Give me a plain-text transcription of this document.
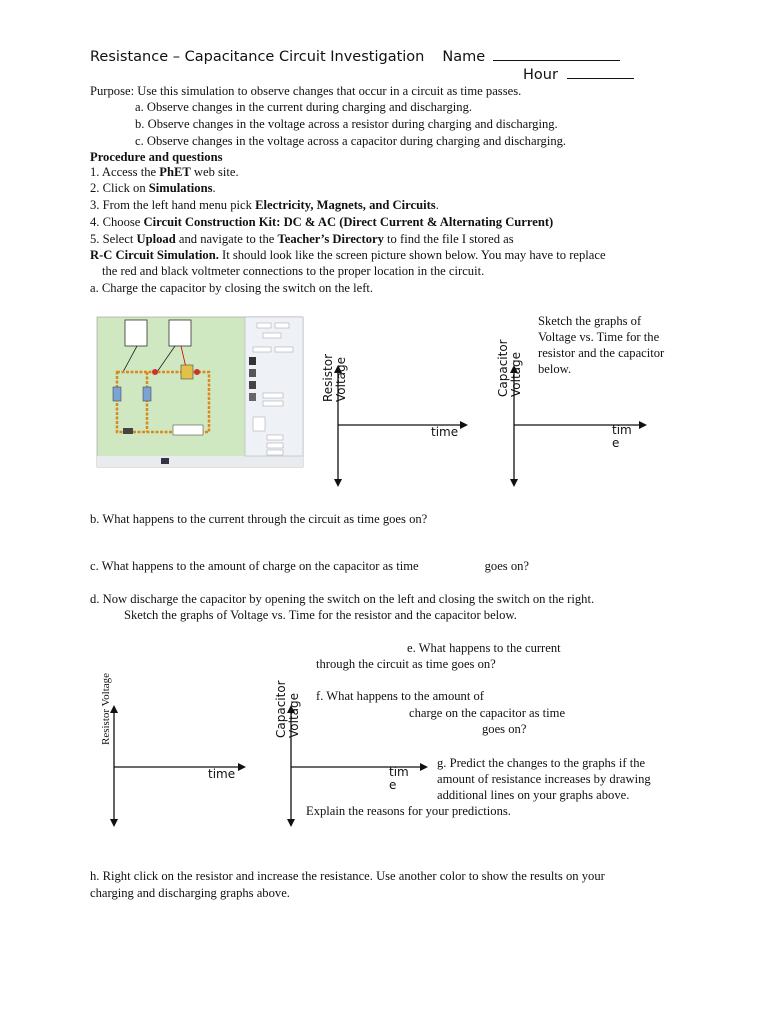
Resistance – Capacitance Circuit Investigation Name
Hour
Purpose: Use this simulation to observe changes that occur in a circuit as time passes.
a. Observe changes in the current during charging and discharging.
b. Observe changes in the voltage across a resistor during charging and discharging.
c. Observe changes in the voltage across a capacitor during charging and discharging.
Procedure and questions
1. Access the PhET web site.
2. Click on Simulations.
3. From the left hand menu pick Electricity, Magnets, and Circuits.
4. Choose Circuit Construction Kit: DC & AC (Direct Current & Alternating Current)
5. Select Upload and navigate to the Teacher’s Directory to find the file I stored as
R-C Circuit Simulation. It should look like the screen picture shown below. You may have to replace
the red and black voltmeter connections to the proper location in the circuit.
a. Charge the capacitor by closing the switch on the left.
Sketch the graphs of
Voltage vs. Time for the
resistor and the capacitor
below.
Resistor Voltage
time
Capacitor Voltage
tim
e
b. What happens to the current through the circuit as time goes on?
c. What happens to the amount of charge on the capacitor as time	goes on?
d. Now discharge the capacitor by opening the switch on the left and closing the switch on the right.
Sketch the graphs of Voltage vs. Time for the resistor and the capacitor below.
e. What happens to the current
through the circuit as time goes on?
f. What happens to the amount of
charge on the capacitor as time
goes on?
Resistor Voltage
time
Capacitor Voltage
tim
e
g. Predict the changes to the graphs if the
amount of resistance increases by drawing
additional lines on your graphs above.
Explain the reasons for your predictions.
h. Right click on the resistor and increase the resistance. Use another color to show the results on your
charging and discharging graphs above.
